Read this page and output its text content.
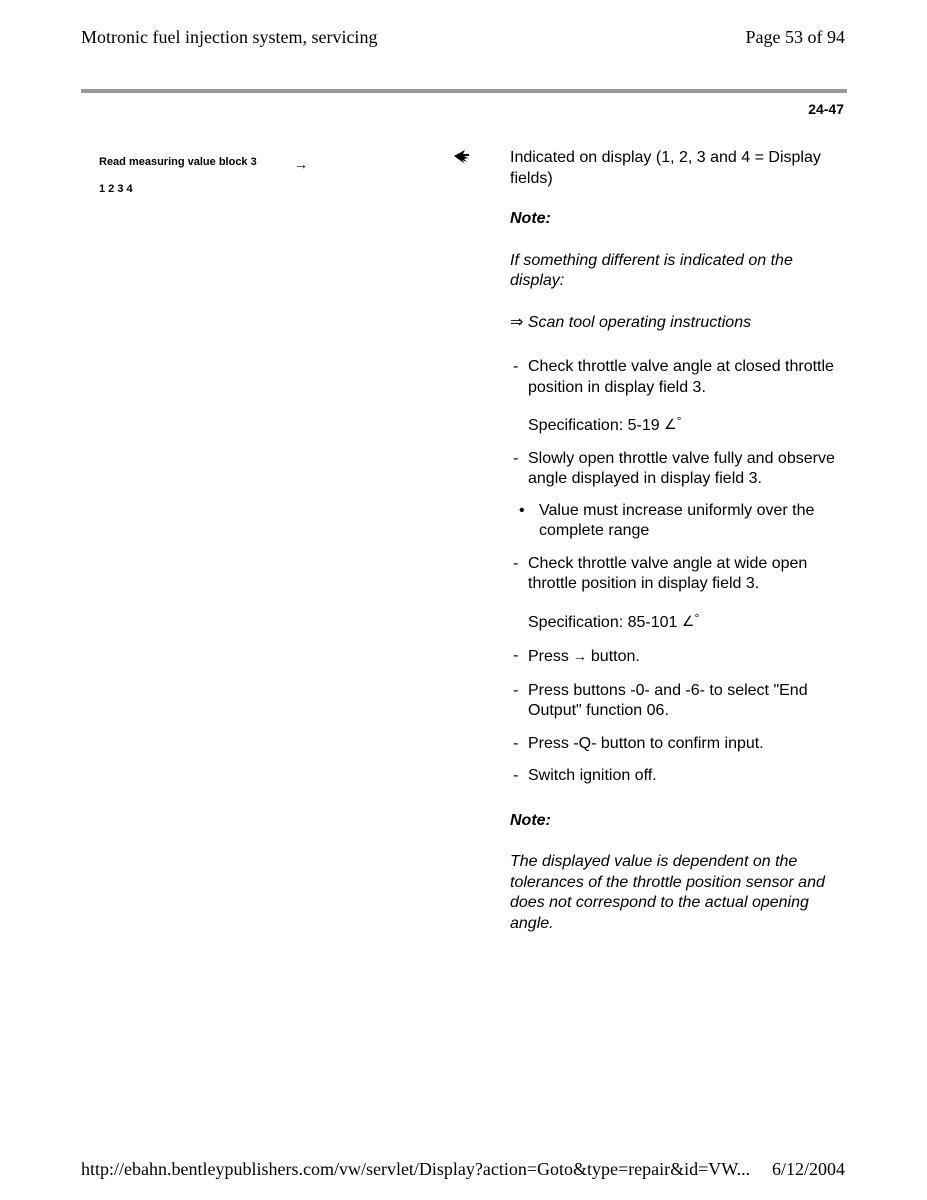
Motronic fuel injection system, servicing	Page 53 of 94
24-47
Read measuring value block 3	→
1 2 3 4

Indicated on display (1, 2, 3 and 4 = Display fields)

Note:

If something different is indicated on the display:

⇒ Scan tool operating instructions

- Check throttle valve angle at closed throttle position in display field 3.
Specification: 5-19 ∠°
- Slowly open throttle valve fully and observe angle displayed in display field 3.
• Value must increase uniformly over the complete range
- Check throttle valve angle at wide open throttle position in display field 3.
Specification: 85-101 ∠°
- Press → button.
- Press buttons -0- and -6- to select "End Output" function 06.
- Press -Q- button to confirm input.
- Switch ignition off.

Note:

The displayed value is dependent on the tolerances of the throttle position sensor and does not correspond to the actual opening angle.

http://ebahn.bentleypublishers.com/vw/servlet/Display?action=Goto&type=repair&id=VW... 6/12/2004
